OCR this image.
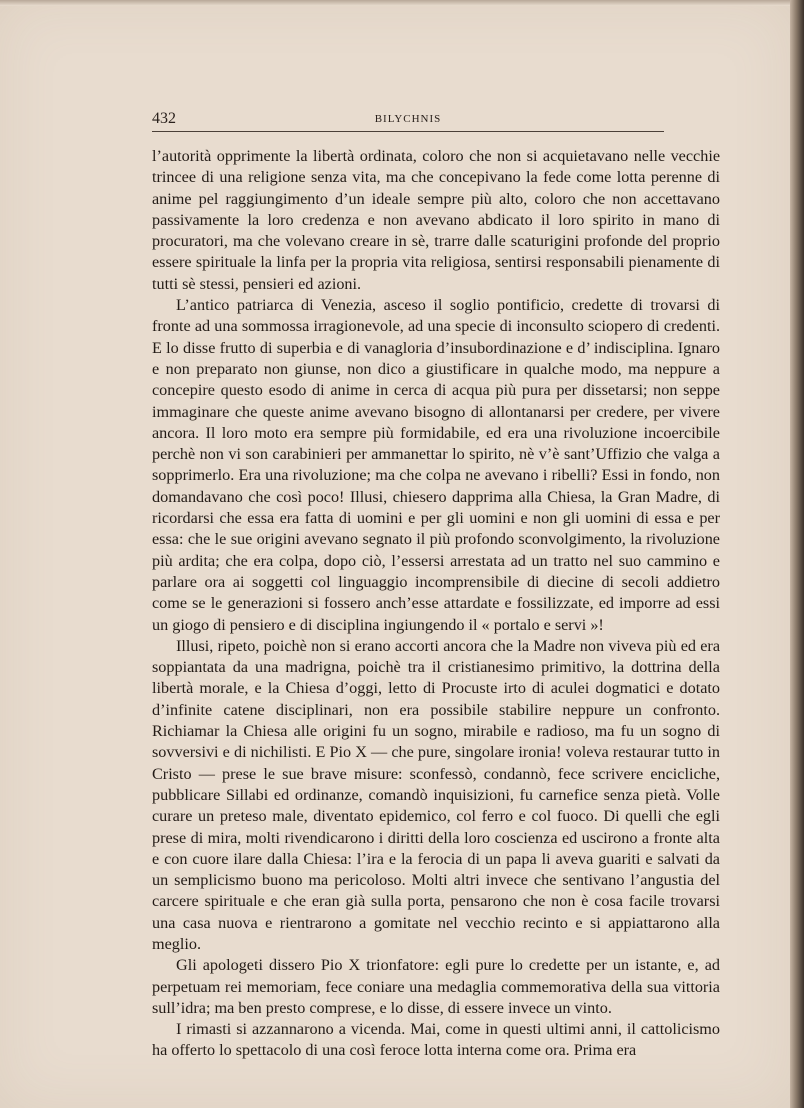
432	BILYCHNIS

l’autorità opprimente la libertà ordinata, coloro che non si acquietavano nelle vecchie trincee di una religione senza vita, ma che concepivano la fede come lotta perenne di anime pel raggiungimento d’un ideale sempre più alto, coloro che non accettavano passivamente la loro credenza e non avevano abdicato il loro spirito in mano di procuratori, ma che volevano creare in sè, trarre dalle scaturigini profonde del proprio essere spirituale la linfa per la propria vita religiosa, sentirsi responsabili pienamente di tutti sè stessi, pensieri ed azioni.

L’antico patriarca di Venezia, asceso il soglio pontificio, credette di trovarsi di fronte ad una sommossa irragionevole, ad una specie di inconsulto sciopero di credenti. E lo disse frutto di superbia e di vanagloria d’insubordinazione e d’ indisciplina. Ignaro e non preparato non giunse, non dico a giustificare in qualche modo, ma neppure a concepire questo esodo di anime in cerca di acqua più pura per dissetarsi; non seppe immaginare che queste anime avevano bisogno di allontanarsi per credere, per vivere ancora. Il loro moto era sempre più formidabile, ed era una rivoluzione incoercibile perchè non vi son carabinieri per ammanettar lo spirito, nè v’è sant’Uffizio che valga a sopprimerlo. Era una rivoluzione; ma che colpa ne avevano i ribelli? Essi in fondo, non domandavano che così poco! Illusi, chiesero dapprima alla Chiesa, la Gran Madre, di ricordarsi che essa era fatta di uomini e per gli uomini e non gli uomini di essa e per essa: che le sue origini avevano segnato il più profondo sconvolgimento, la rivoluzione più ardita; che era colpa, dopo ciò, l’essersi arrestata ad un tratto nel suo cammino e parlare ora ai soggetti col linguaggio incomprensibile di diecine di secoli addietro come se le generazioni si fossero anch’esse attardate e fossilizzate, ed imporre ad essi un giogo di pensiero e di disciplina ingiungendo il « portalo e servi »!

Illusi, ripeto, poichè non si erano accorti ancora che la Madre non viveva più ed era soppiantata da una madrigna, poichè tra il cristianesimo primitivo, la dottrina della libertà morale, e la Chiesa d’oggi, letto di Procuste irto di aculei dogmatici e dotato d’infinite catene disciplinari, non era possibile stabilire neppure un confronto. Richiamar la Chiesa alle origini fu un sogno, mirabile e radioso, ma fu un sogno di sovversivi e di nichilisti. E Pio X — che pure, singolare ironia! voleva restaurar tutto in Cristo — prese le sue brave misure: sconfessò, condannò, fece scrivere encicliche, pubblicare Sillabi ed ordinanze, comandò inquisizioni, fu carnefice senza pietà. Volle curare un preteso male, diventato epidemico, col ferro e col fuoco. Di quelli che egli prese di mira, molti rivendicarono i diritti della loro coscienza ed uscirono a fronte alta e con cuore ilare dalla Chiesa: l’ira e la ferocia di un papa li aveva guariti e salvati da un semplicismo buono ma pericoloso. Molti altri invece che sentivano l’angustia del carcere spirituale e che eran già sulla porta, pensarono che non è cosa facile trovarsi una casa nuova e rientrarono a gomitate nel vecchio recinto e si appiattarono alla meglio.

Gli apologeti dissero Pio X trionfatore: egli pure lo credette per un istante, e, ad perpetuam rei memoriam, fece coniare una medaglia commemorativa della sua vittoria sull’idra; ma ben presto comprese, e lo disse, di essere invece un vinto.

I rimasti si azzannarono a vicenda. Mai, come in questi ultimi anni, il cattolicismo ha offerto lo spettacolo di una così feroce lotta interna come ora. Prima era
